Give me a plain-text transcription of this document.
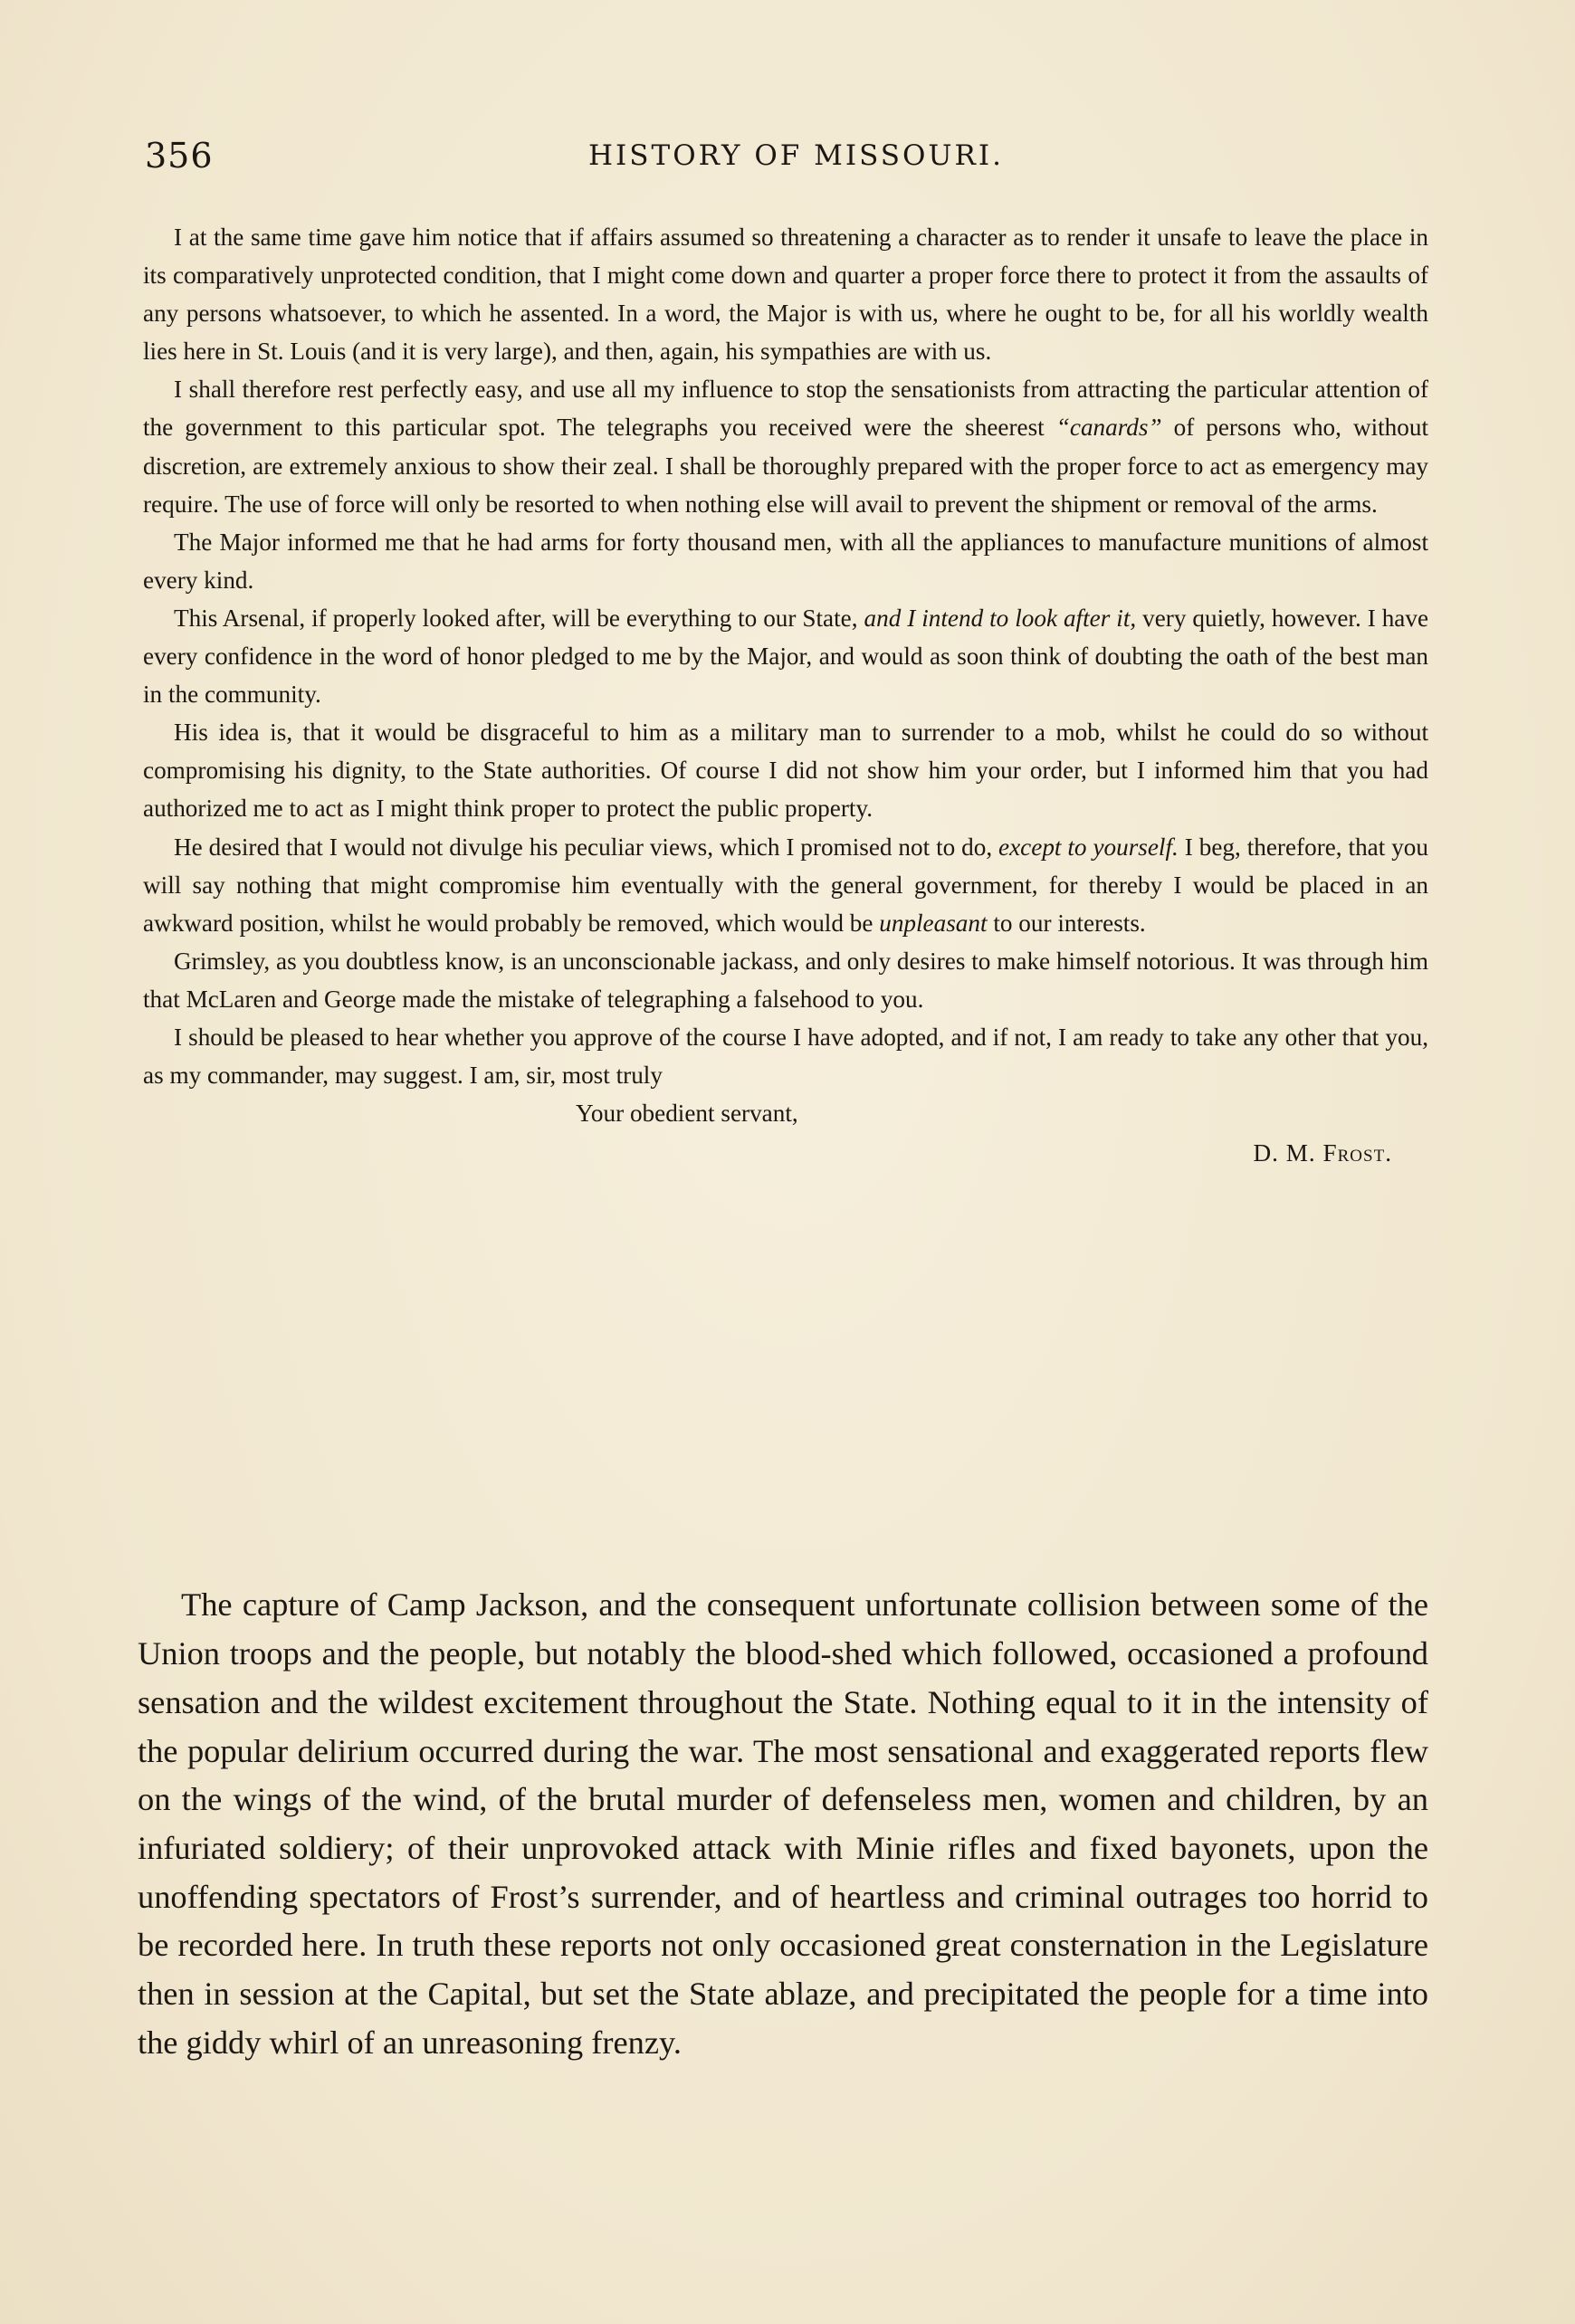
356	HISTORY OF MISSOURI.

I at the same time gave him notice that if affairs assumed so threatening a character as to render it unsafe to leave the place in its comparatively unprotected condition, that I might come down and quarter a proper force there to protect it from the assaults of any persons whatsoever, to which he assented. In a word, the Major is with us, where he ought to be, for all his worldly wealth lies here in St. Louis (and it is very large), and then, again, his sympathies are with us.

I shall therefore rest perfectly easy, and use all my influence to stop the sensationists from attracting the particular attention of the government to this particular spot. The telegraphs you received were the sheerest “canards” of persons who, without discretion, are extremely anxious to show their zeal. I shall be thoroughly prepared with the proper force to act as emergency may require. The use of force will only be resorted to when nothing else will avail to prevent the shipment or removal of the arms.

The Major informed me that he had arms for forty thousand men, with all the appliances to manufacture munitions of almost every kind.

This Arsenal, if properly looked after, will be everything to our State, and I intend to look after it, very quietly, however. I have every confidence in the word of honor pledged to me by the Major, and would as soon think of doubting the oath of the best man in the community.

His idea is, that it would be disgraceful to him as a military man to surrender to a mob, whilst he could do so without compromising his dignity, to the State authorities. Of course I did not show him your order, but I informed him that you had authorized me to act as I might think proper to protect the public property.

He desired that I would not divulge his peculiar views, which I promised not to do, except to yourself. I beg, therefore, that you will say nothing that might compromise him eventually with the general government, for thereby I would be placed in an awkward position, whilst he would probably be removed, which would be unpleasant to our interests.

Grimsley, as you doubtless know, is an unconscionable jackass, and only desires to make himself notorious. It was through him that McLaren and George made the mistake of telegraphing a falsehood to you.

I should be pleased to hear whether you approve of the course I have adopted, and if not, I am ready to take any other that you, as my commander, may suggest. I am, sir, most truly

Your obedient servant,

D. M. Frost.

The capture of Camp Jackson, and the consequent unfortunate collision between some of the Union troops and the people, but notably the blood-shed which followed, occasioned a profound sensation and the wildest excitement throughout the State. Nothing equal to it in the intensity of the popular delirium occurred during the war. The most sensational and exaggerated reports flew on the wings of the wind, of the brutal murder of defenseless men, women and children, by an infuriated soldiery; of their unprovoked attack with Minie rifles and fixed bayonets, upon the unoffending spectators of Frost’s surrender, and of heartless and criminal outrages too horrid to be recorded here. In truth these reports not only occasioned great consternation in the Legislature then in session at the Capital, but set the State ablaze, and precipitated the people for a time into the giddy whirl of an unreasoning frenzy.
